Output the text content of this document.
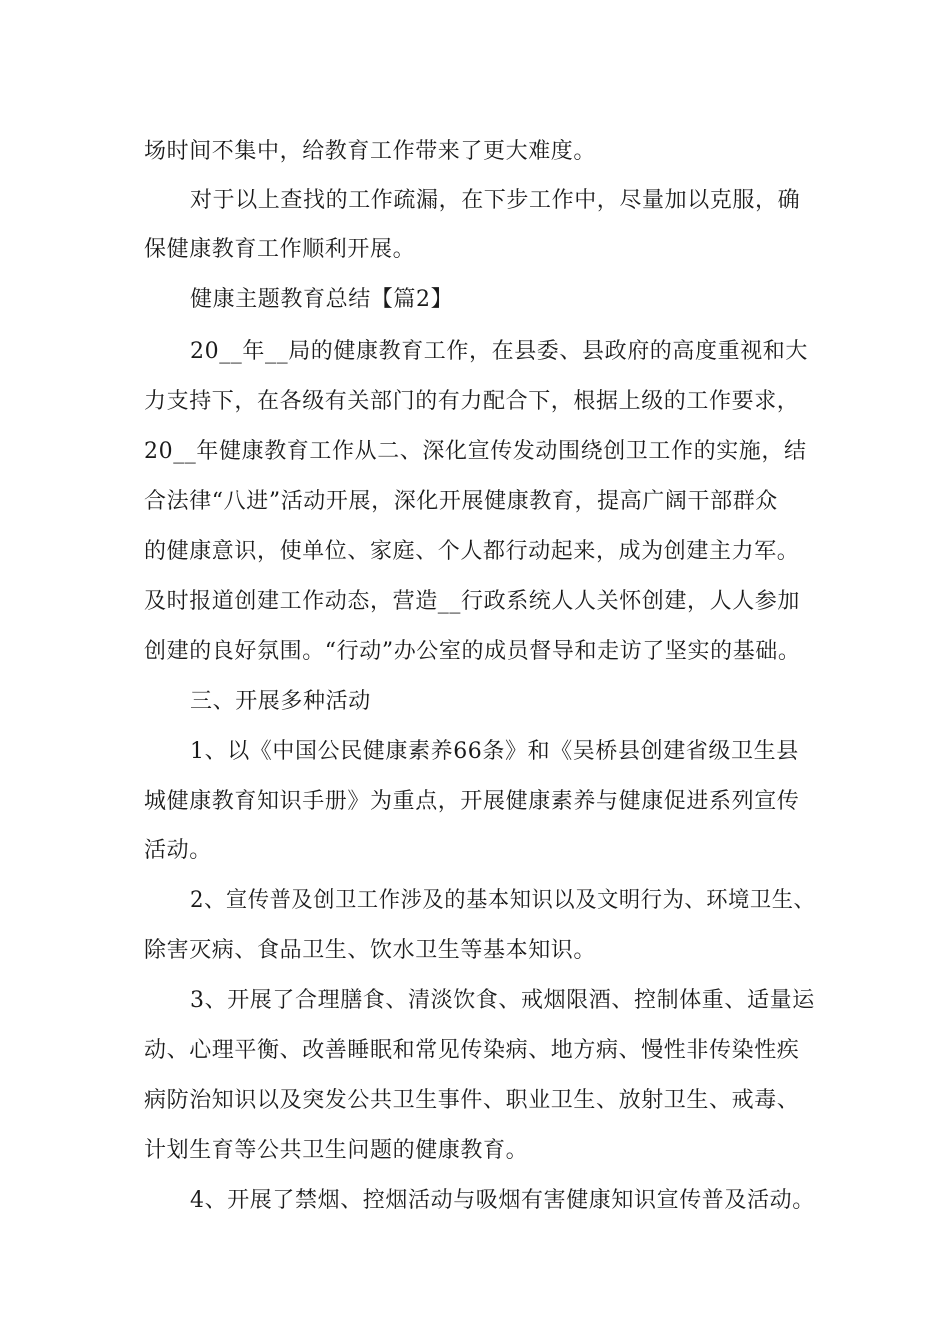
场时间不集中，给教育工作带来了更大难度。
对于以上查找的工作疏漏，在下步工作中，尽量加以克服，确
保健康教育工作顺利开展。
健康主题教育总结【篇2】
20__年__局的健康教育工作，在县委、县政府的高度重视和大
力支持下，在各级有关部门的有力配合下，根据上级的工作要求，
20__年健康教育工作从二、深化宣传发动围绕创卫工作的实施，结
合法律“八进”活动开展，深化开展健康教育，提高广阔干部群众
的健康意识，使单位、家庭、个人都行动起来，成为创建主力军。
及时报道创建工作动态，营造__行政系统人人关怀创建，人人参加
创建的良好氛围。“行动”办公室的成员督导和走访了坚实的基础。
三、开展多种活动
1、以《中国公民健康素养66条》和《吴桥县创建省级卫生县
城健康教育知识手册》为重点，开展健康素养与健康促进系列宣传
活动。
2、宣传普及创卫工作涉及的基本知识以及文明行为、环境卫生、
除害灭病、食品卫生、饮水卫生等基本知识。
3、开展了合理膳食、清淡饮食、戒烟限酒、控制体重、适量运
动、心理平衡、改善睡眠和常见传染病、地方病、慢性非传染性疾
病防治知识以及突发公共卫生事件、职业卫生、放射卫生、戒毒、
计划生育等公共卫生问题的健康教育。
4、开展了禁烟、控烟活动与吸烟有害健康知识宣传普及活动。
